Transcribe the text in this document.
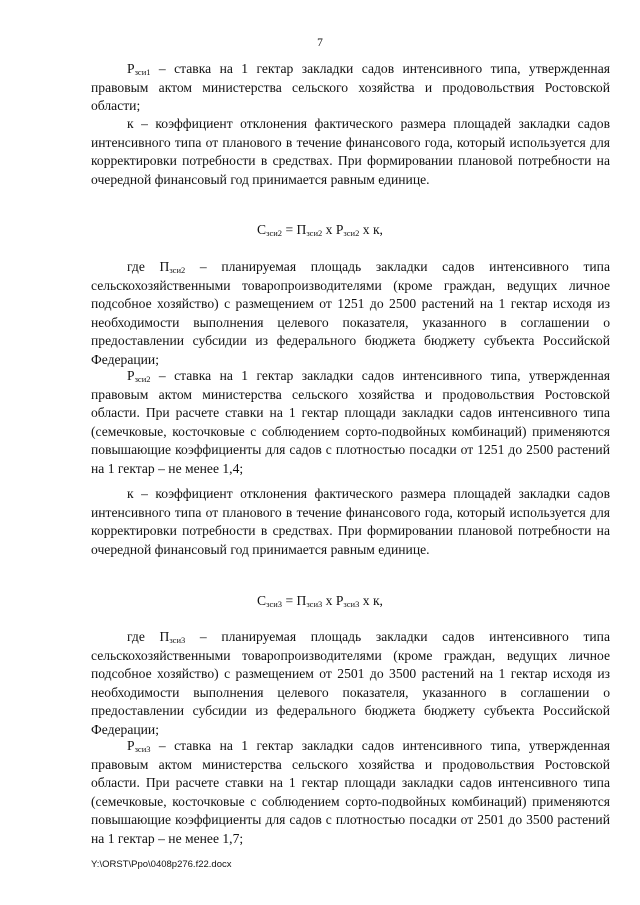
7

$Р_{зси1}$ – ставка на 1 гектар закладки садов интенсивного типа, утвержденная правовым актом министерства сельского хозяйства и продовольствия Ростовской области;

к – коэффициент отклонения фактического размера площадей закладки садов интенсивного типа от планового в течение финансового года, который используется для корректировки потребности в средствах. При формировании плановой потребности на очередной финансовый год принимается равным единице.

$С_{зси2} = П_{зси2}$ х $Р_{зси2}$ х к,

где $П_{зси2}$ – планируемая площадь закладки садов интенсивного типа сельскохозяйственными товаропроизводителями (кроме граждан, ведущих личное подсобное хозяйство) с размещением от 1251 до 2500 растений на 1 гектар исходя из необходимости выполнения целевого показателя, указанного в соглашении о предоставлении субсидии из федерального бюджета бюджету субъекта Российской Федерации;

$Р_{зси2}$ – ставка на 1 гектар закладки садов интенсивного типа, утвержденная правовым актом министерства сельского хозяйства и продовольствия Ростовской области. При расчете ставки на 1 гектар площади закладки садов интенсивного типа (семечковые, косточковые с соблюдением сорто-подвойных комбинаций) применяются повышающие коэффициенты для садов с плотностью посадки от 1251 до 2500 растений на 1 гектар – не менее 1,4;

к – коэффициент отклонения фактического размера площадей закладки садов интенсивного типа от планового в течение финансового года, который используется для корректировки потребности в средствах. При формировании плановой потребности на очередной финансовый год принимается равным единице.

$С_{зси3} = П_{зси3}$ х $Р_{зси3}$ х к,

где $П_{зси3}$ – планируемая площадь закладки садов интенсивного типа сельскохозяйственными товаропроизводителями (кроме граждан, ведущих личное подсобное хозяйство) с размещением от 2501 до 3500 растений на 1 гектар исходя из необходимости выполнения целевого показателя, указанного в соглашении о предоставлении субсидии из федерального бюджета бюджету субъекта Российской Федерации;

$Р_{зси3}$ – ставка на 1 гектар закладки садов интенсивного типа, утвержденная правовым актом министерства сельского хозяйства и продовольствия Ростовской области. При расчете ставки на 1 гектар площади закладки садов интенсивного типа (семечковые, косточковые с соблюдением сорто-подвойных комбинаций) применяются повышающие коэффициенты для садов с плотностью посадки от 2501 до 3500 растений на 1 гектар – не менее 1,7;

Y:\ORST\Ppo\0408p276.f22.docx
